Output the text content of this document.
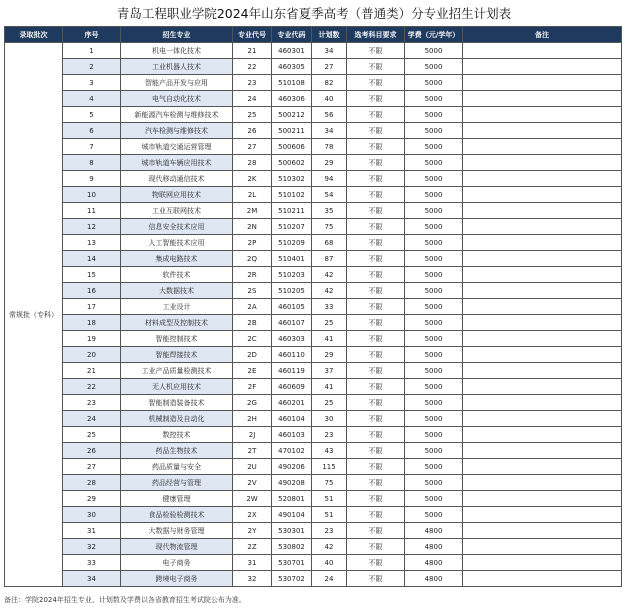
青岛工程职业学院2024年山东省夏季高考（普通类）分专业招生计划表
录取批次	序号	招生专业	专业代号	专业代码	计划数	选考科目要求	学费（元/学年）	备注
常规批（专科）	1	机电一体化技术	21	460301	34	不限	5000	
	2	工业机器人技术	22	460305	27	不限	5000	
	3	智能产品开发与应用	23	510108	82	不限	5000	
	4	电气自动化技术	24	460306	40	不限	5000	
	5	新能源汽车检测与维修技术	25	500212	56	不限	5000	
	6	汽车检测与维修技术	26	500211	34	不限	5000	
	7	城市轨道交通运营管理	27	500606	78	不限	5000	
	8	城市轨道车辆应用技术	28	500602	29	不限	5000	
	9	现代移动通信技术	2K	510302	94	不限	5000	
	10	物联网应用技术	2L	510102	54	不限	5000	
	11	工业互联网技术	2M	510211	35	不限	5000	
	12	信息安全技术应用	2N	510207	75	不限	5000	
	13	人工智能技术应用	2P	510209	68	不限	5000	
	14	集成电路技术	2Q	510401	87	不限	5000	
	15	软件技术	2R	510203	42	不限	5000	
	16	大数据技术	2S	510205	42	不限	5000	
	17	工业设计	2A	460105	33	不限	5000	
	18	材料成型及控制技术	2B	460107	25	不限	5000	
	19	智能控制技术	2C	460303	41	不限	5000	
	20	智能焊接技术	2D	460110	29	不限	5000	
	21	工业产品质量检测技术	2E	460119	37	不限	5000	
	22	无人机应用技术	2F	460609	41	不限	5000	
	23	智能制造装备技术	2G	460201	25	不限	5000	
	24	机械制造及自动化	2H	460104	30	不限	5000	
	25	数控技术	2J	460103	23	不限	5000	
	26	药品生物技术	2T	470102	43	不限	5000	
	27	药品质量与安全	2U	490206	115	不限	5000	
	28	药品经营与管理	2V	490208	75	不限	5000	
	29	健康管理	2W	520801	51	不限	5000	
	30	食品检验检测技术	2X	490104	51	不限	5000	
	31	大数据与财务管理	2Y	530301	23	不限	4800	
	32	现代物流管理	2Z	530802	42	不限	4800	
	33	电子商务	31	530701	40	不限	4800	
	34	跨境电子商务	32	530702	24	不限	4800	
备注：学院2024年招生专业、计划数及学费以各省教育招生考试院公布为准。
